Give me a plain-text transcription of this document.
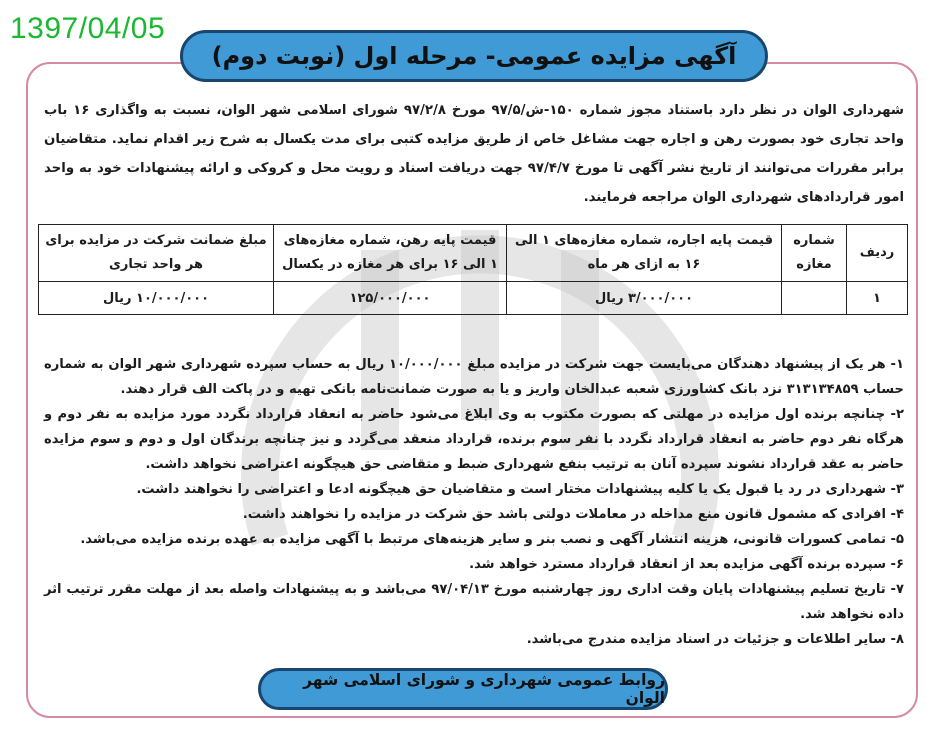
1397/04/05
آگهی مزایده عمومی- مرحله اول (نوبت دوم)
شهرداری الوان در نظر دارد باستناد مجوز شماره ۱۵۰-ش/۹۷/۵ مورخ ۹۷/۲/۸ شورای اسلامی شهر الوان، نسبت به واگذاری ۱۶ باب واحد تجاری خود بصورت رهن و اجاره جهت مشاغل خاص از طریق مزایده کتبی برای مدت یکسال به شرح زیر اقدام نماید. متقاضیان برابر مقررات می‌توانند از تاریخ نشر آگهی تا مورخ ۹۷/۴/۷ جهت دریافت اسناد و رویت محل و کروکی و ارائه پیشنهادات خود به واحد امور قراردادهای شهرداری الوان مراجعه فرمایند.
ردیف	شماره مغازه	قیمت پایه اجاره، شماره مغازه‌های ۱ الی ۱۶ به ازای هر ماه	قیمت پایه رهن، شماره مغازه‌های ۱ الی ۱۶ برای هر مغازه در یکسال	مبلغ ضمانت شرکت در مزایده برای هر واحد تجاری
۱		۳/۰۰۰/۰۰۰ ریال	۱۲۵/۰۰۰/۰۰۰	۱۰/۰۰۰/۰۰۰ ریال

۱- هر یک از پیشنهاد دهندگان می‌بایست جهت شرکت در مزایده مبلغ ۱۰/۰۰۰/۰۰۰ ریال به حساب سپرده شهرداری شهر الوان به شماره حساب ۳۱۳۱۳۴۸۵۹ نزد بانک کشاورزی شعبه عبدالخان واریز و یا به صورت ضمانت‌نامه بانکی تهیه و در پاکت الف قرار دهند.

۲- چنانچه برنده اول مزایده در مهلتی که بصورت مکتوب به وی ابلاغ می‌شود حاضر به انعقاد قرارداد نگردد مورد مزایده به نفر دوم و هرگاه نفر دوم حاضر به انعقاد قرارداد نگردد با نفر سوم برنده، قرارداد منعقد می‌گردد و نیز چنانچه برندگان اول و دوم و سوم مزایده حاضر به عقد قرارداد نشوند سپرده آنان به ترتیب بنفع شهرداری ضبط و متقاضی حق هیچگونه اعتراضی نخواهد داشت.

۳- شهرداری در رد یا قبول یک یا کلیه پیشنهادات مختار است و متقاضیان حق هیچگونه ادعا و اعتراضی را نخواهند داشت.

۴- افرادی که مشمول قانون منع مداخله در معاملات دولتی باشد حق شرکت در مزایده را نخواهند داشت.

۵- تمامی کسورات قانونی، هزینه انتشار آگهی و نصب بنر و سایر هزینه‌های مرتبط با آگهی مزایده به عهده برنده مزایده می‌باشد.

۶- سپرده برنده آگهی مزایده بعد از انعقاد قرارداد مسترد خواهد شد.

۷- تاریخ تسلیم پیشنهادات پایان وقت اداری روز چهارشنبه مورخ ۹۷/۰۴/۱۳ می‌باشد و به پیشنهادات واصله بعد از مهلت مقرر ترتیب اثر داده نخواهد شد.

۸- سایر اطلاعات و جزئیات در اسناد مزایده مندرج می‌باشد.

روابط عمومی شهرداری و شورای اسلامی شهر الوان
